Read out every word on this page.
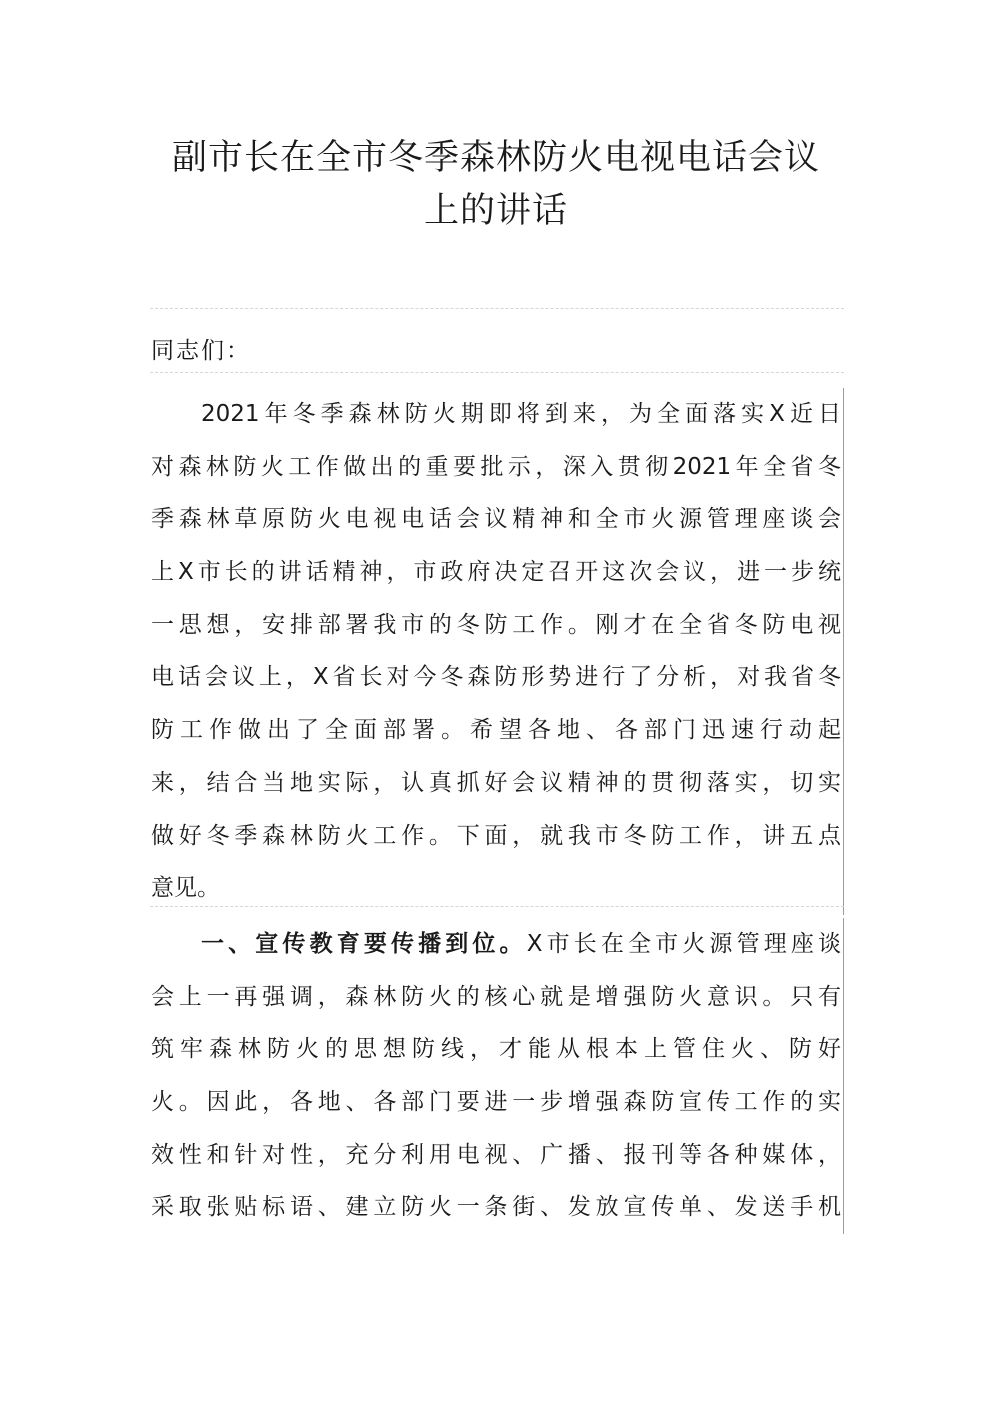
副市长在全市冬季森林防火电视电话会议
上的讲话
同志们：
2021年冬季森林防火期即将到来，为全面落实X近日
对森林防火工作做出的重要批示，深入贯彻2021年全省冬
季森林草原防火电视电话会议精神和全市火源管理座谈会
上X市长的讲话精神，市政府决定召开这次会议，进一步统
一思想，安排部署我市的冬防工作。刚才在全省冬防电视
电话会议上，X省长对今冬森防形势进行了分析，对我省冬
防工作做出了全面部署。希望各地、各部门迅速行动起
来，结合当地实际，认真抓好会议精神的贯彻落实，切实
做好冬季森林防火工作。下面，就我市冬防工作，讲五点
意见。
一、宣传教育要传播到位。X市长在全市火源管理座谈
会上一再强调，森林防火的核心就是增强防火意识。只有
筑牢森林防火的思想防线，才能从根本上管住火、防好
火。因此，各地、各部门要进一步增强森防宣传工作的实
效性和针对性，充分利用电视、广播、报刊等各种媒体，
采取张贴标语、建立防火一条街、发放宣传单、发送手机
